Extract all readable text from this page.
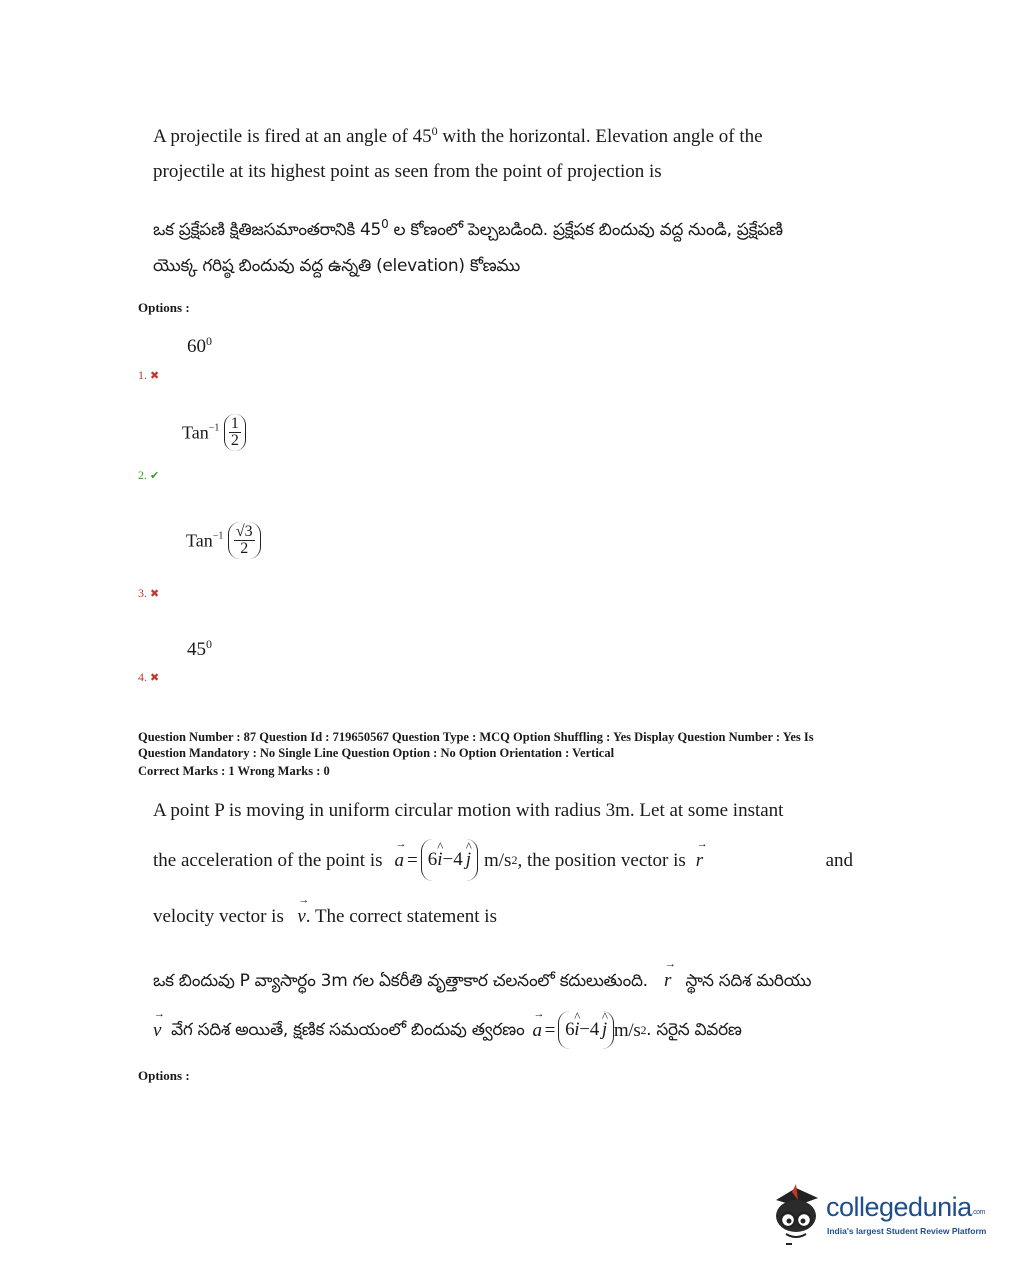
A projectile is fired at an angle of $45^0$ with the horizontal. Elevation angle of the
projectile at its highest point as seen from the point of projection is
ఒక ప్రక్షేపణి క్షితిజసమాంతరానికి $45^0$ ల కోణంలో పెల్చబడింది. ప్రక్షేపక బిందువు వద్ద నుండి, ప్రక్షేపణి
యొక్క గరిష్ఠ బిందువు వద్ద ఉన్నతి (elevation) కోణము
Options :
$60^0$
1. ✖
$Tan^{-1} \frac{1}{2}$
2. ✔
$Tan^{-1} \frac{√3}{2}$
3. ✖
$45^0$
4. ✖
Question Number : 87 Question Id : 719650567 Question Type : MCQ Option Shuffling : Yes Display Question Number : Yes Is
Question Mandatory : No Single Line Question Option : No Option Orientation : Vertical
Correct Marks : 1 Wrong Marks : 0
A point P is moving in uniform circular motion with radius 3m. Let at some instant
the acceleration of the point is → a = 6^ i−4 ^ j m/s 2 , the position vector is → r	and
velocity vector is → v. The correct statement is
ఒక బిందువు P వ్యాసార్ధం 3m గల ఏకరీతి వృత్తాకార చలనంలో కదులుతుంది. → r స్థాన సదిశ మరియు
→ v వేగ సదిశ అయితే, క్షణిక సమయంలో బిందువు త్వరణం → a = 6^ i−4 ^ j m/s 2 . సరైన వివరణ
Options :
collegedunia.com
India's largest Student Review Platform
